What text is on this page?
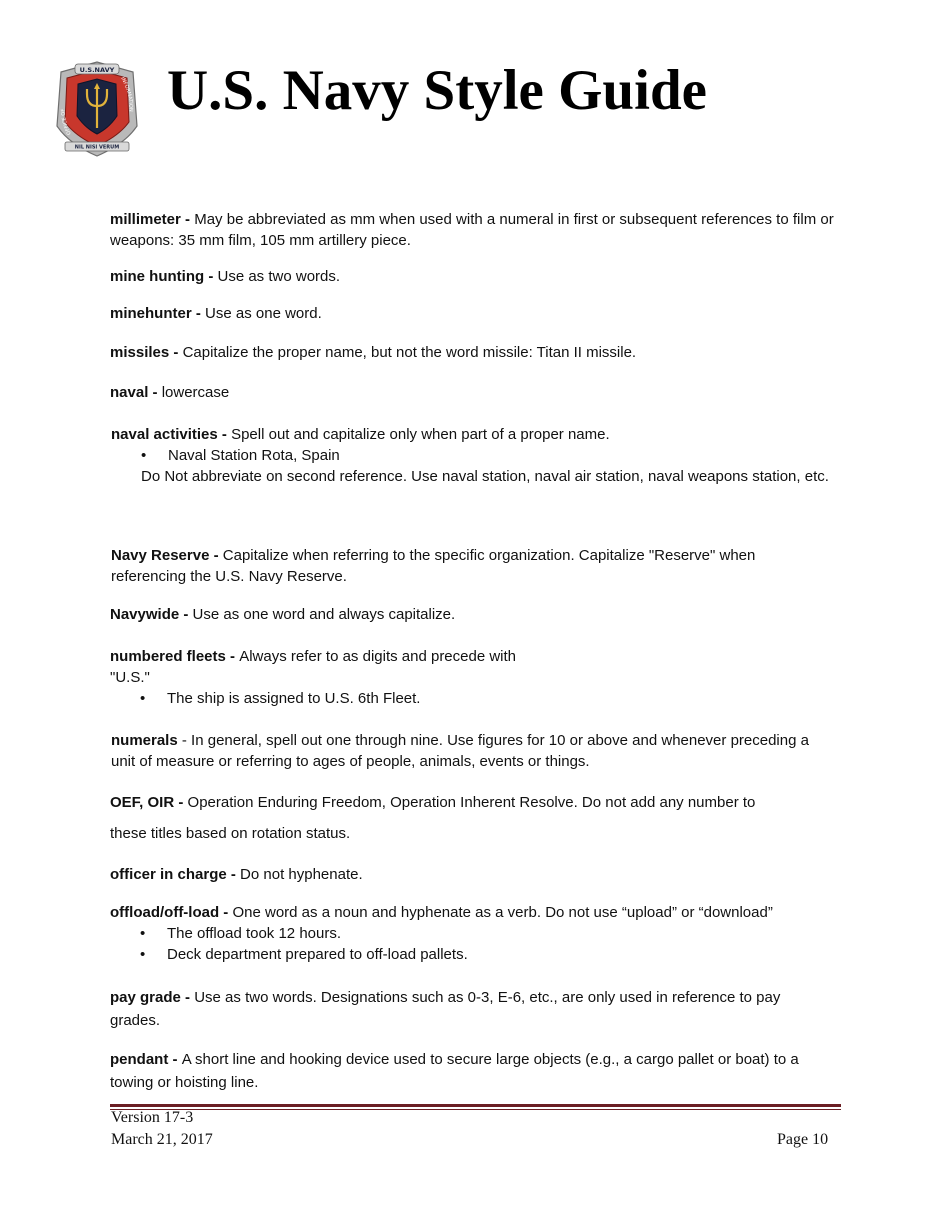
U.S.NAVY
OFFICE OF
INFORMATION
NIL NISI VERUM
U.S. Navy Style Guide
millimeter - May be abbreviated as mm when used with a numeral in first or subsequent references to film or weapons: 35 mm film, 105 mm artillery piece.
mine hunting - Use as two words.
minehunter - Use as one word.
missiles - Capitalize the proper name, but not the word missile: Titan II missile.
naval - lowercase
naval activities - Spell out and capitalize only when part of a proper name.
• Naval Station Rota, Spain
Do Not abbreviate on second reference. Use naval station, naval air station, naval weapons station, etc.
Navy Reserve - Capitalize when referring to the specific organization. Capitalize "Reserve" when referencing the U.S. Navy Reserve.
Navywide - Use as one word and always capitalize.
numbered fleets - Always refer to as digits and precede with
"U.S."
• The ship is assigned to U.S. 6th Fleet.
numerals - In general, spell out one through nine. Use figures for 10 or above and whenever preceding a unit of measure or referring to ages of people, animals, events or things.
OEF, OIR - Operation Enduring Freedom, Operation Inherent Resolve. Do not add any number to
these titles based on rotation status.
officer in charge - Do not hyphenate.
offload/off-load - One word as a noun and hyphenate as a verb. Do not use “upload” or “download”
• The offload took 12 hours.
• Deck department prepared to off-load pallets.
pay grade - Use as two words. Designations such as 0-3, E-6, etc., are only used in reference to pay grades.
pendant - A short line and hooking device used to secure large objects (e.g., a cargo pallet or boat) to a towing or hoisting line.
Version 17-3
March 21, 2017	Page 10
